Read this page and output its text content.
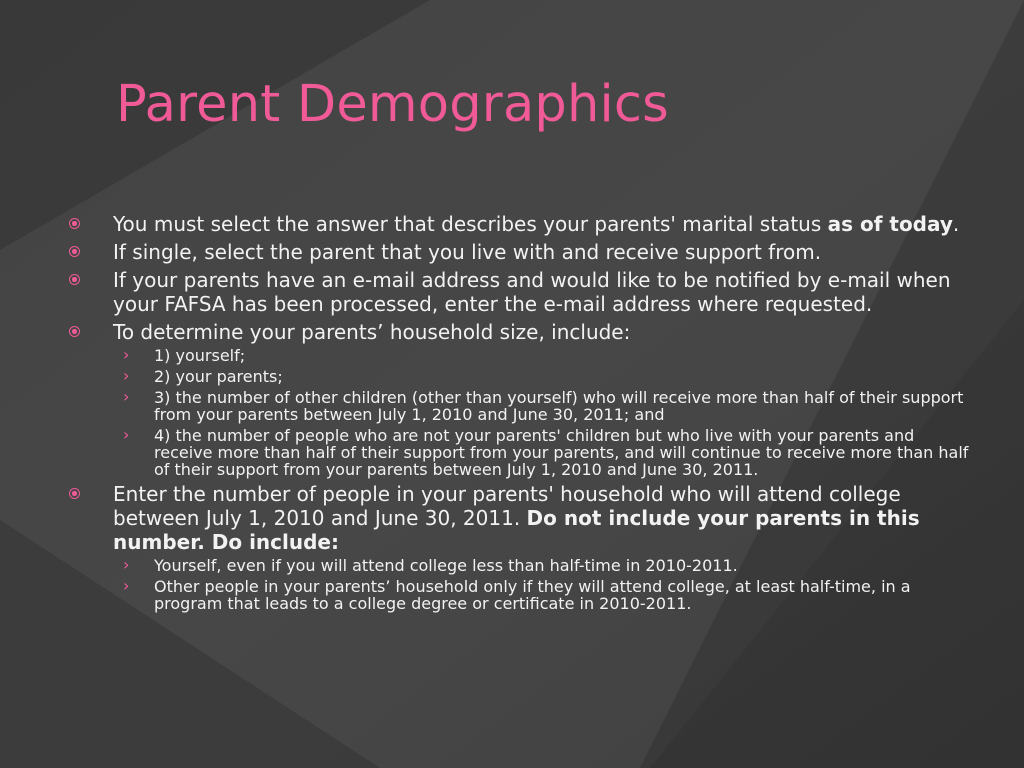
Parent Demographics
You must select the answer that describes your parents' marital status as of today.
If single, select the parent that you live with and receive support from.
If your parents have an e-mail address and would like to be notified by e-mail when your FAFSA has been processed, enter the e-mail address where requested.
To determine your parents’ household size, include:
› 1) yourself;
› 2) your parents;
› 3) the number of other children (other than yourself) who will receive more than half of their support from your parents between July 1, 2010 and June 30, 2011; and
› 4) the number of people who are not your parents' children but who live with your parents and receive more than half of their support from your parents, and will continue to receive more than half of their support from your parents between July 1, 2010 and June 30, 2011.
Enter the number of people in your parents' household who will attend college between July 1, 2010 and June 30, 2011. Do not include your parents in this number. Do include:
› Yourself, even if you will attend college less than half-time in 2010-2011.
› Other people in your parents’ household only if they will attend college, at least half-time, in a program that leads to a college degree or certificate in 2010-2011.
